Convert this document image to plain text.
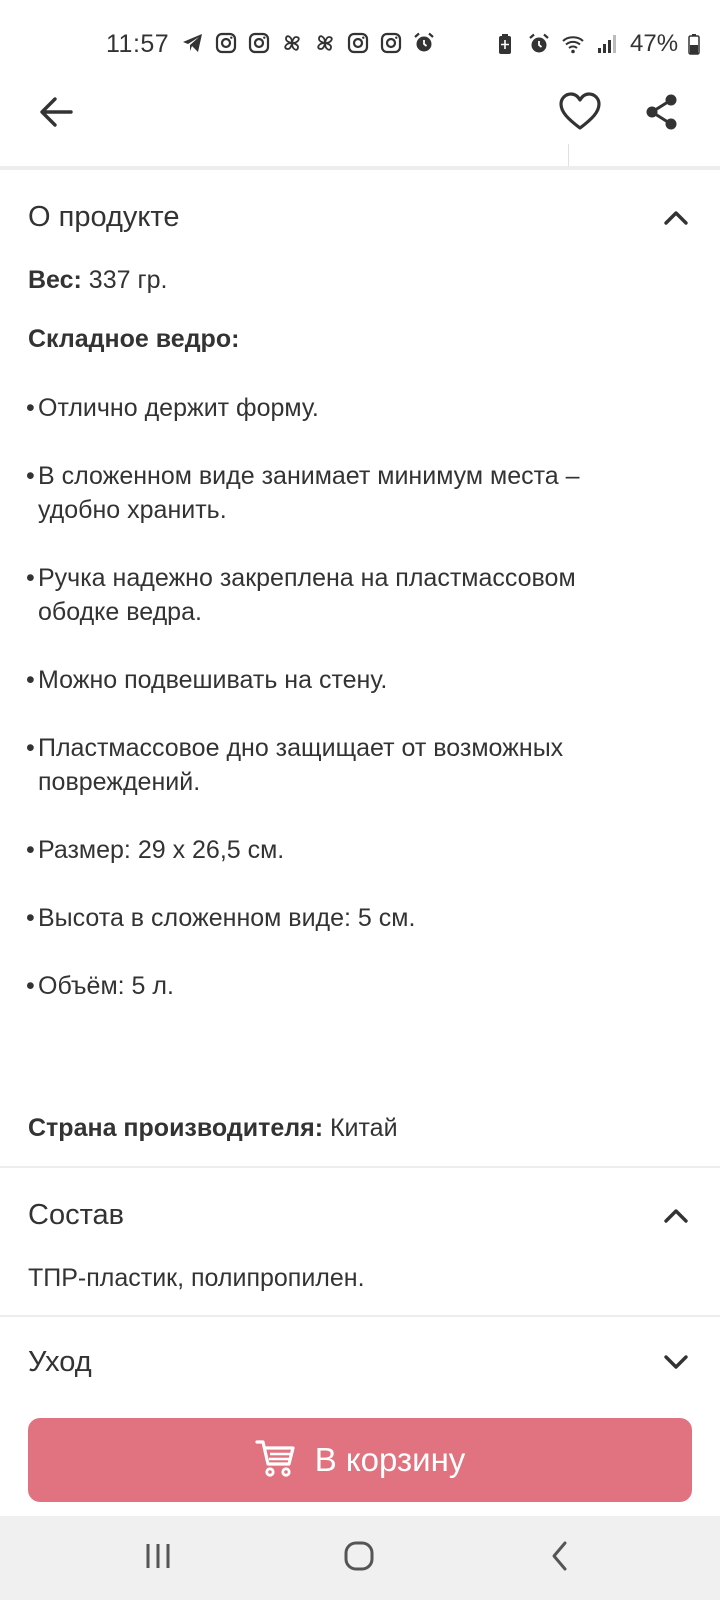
11:57	47%
О продукте
Вес: 337 гр.
Складное ведро:
• Отлично держит форму.
• В сложенном виде занимает минимум места –
удобно хранить.
• Ручка надежно закреплена на пластмассовом
ободке ведра.
• Можно подвешивать на стену.
• Пластмассовое дно защищает от возможных
повреждений.
• Размер: 29 х 26,5 см.
• Высота в сложенном виде: 5 см.
• Объём: 5 л.
Страна производителя: Китай
Состав
ТПР-пластик, полипропилен.
Уход
В корзину
